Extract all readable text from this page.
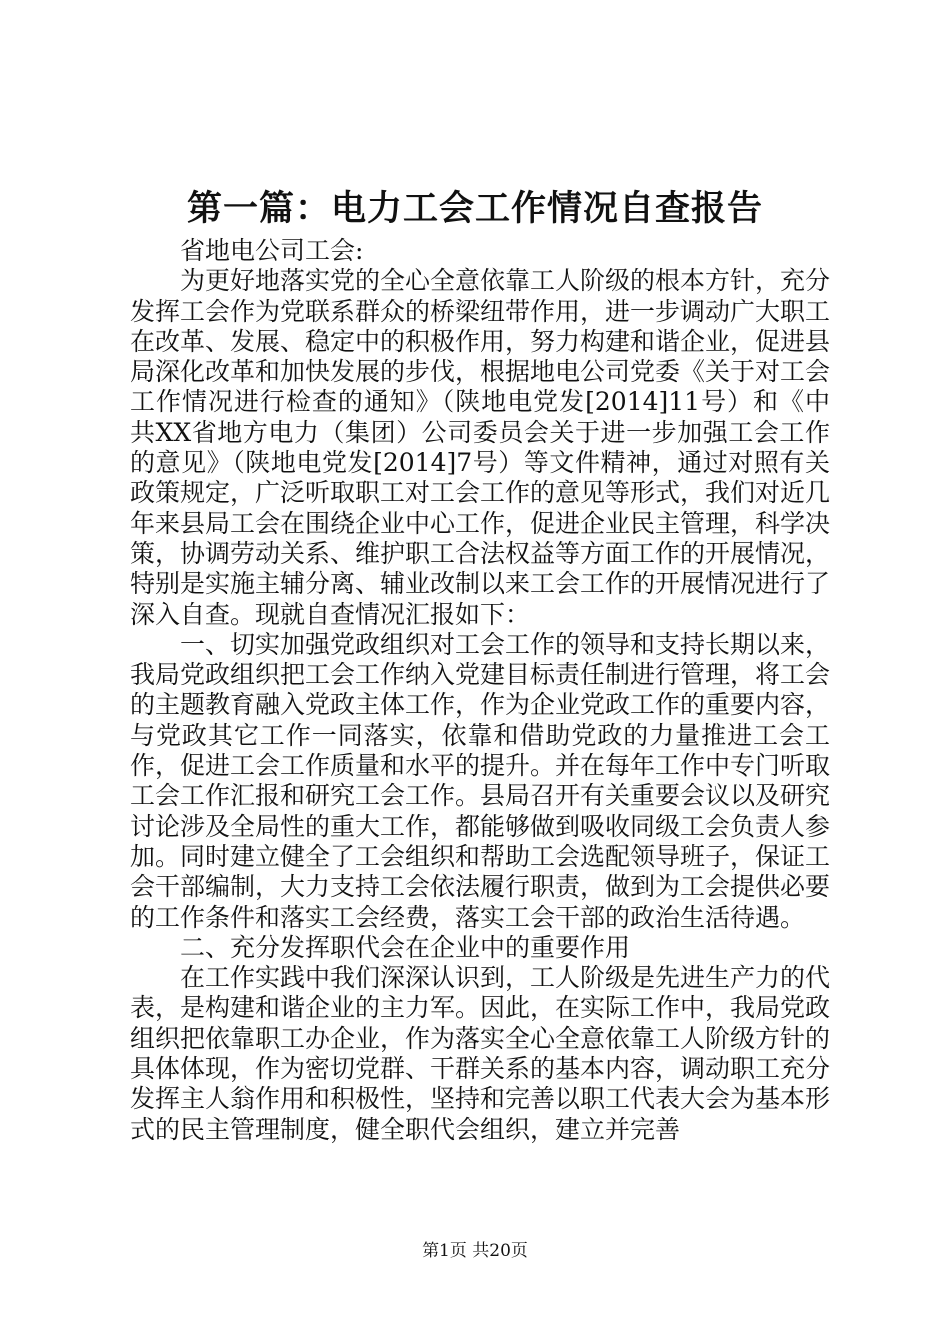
第一篇：电力工会工作情况自查报告

省地电公司工会:

为更好地落实党的全心全意依靠工人阶级的根本方针，充分发挥工会作为党联系群众的桥梁纽带作用，进一步调动广大职工在改革、发展、稳定中的积极作用，努力构建和谐企业，促进县局深化改革和加快发展的步伐，根据地电公司党委《关于对工会工作情况进行检查的通知》（陕地电党发[2014]11号）和《中共XX省地方电力（集团）公司委员会关于进一步加强工会工作的意见》（陕地电党发[2014]7号）等文件精神，通过对照有关政策规定，广泛听取职工对工会工作的意见等形式，我们对近几年来县局工会在围绕企业中心工作，促进企业民主管理，科学决策，协调劳动关系、维护职工合法权益等方面工作的开展情况，特别是实施主辅分离、辅业改制以来工会工作的开展情况进行了深入自查。现就自查情况汇报如下：

一、切实加强党政组织对工会工作的领导和支持长期以来，我局党政组织把工会工作纳入党建目标责任制进行管理，将工会的主题教育融入党政主体工作，作为企业党政工作的重要内容，与党政其它工作一同落实，依靠和借助党政的力量推进工会工作，促进工会工作质量和水平的提升。并在每年工作中专门听取工会工作汇报和研究工会工作。县局召开有关重要会议以及研究讨论涉及全局性的重大工作，都能够做到吸收同级工会负责人参加。同时建立健全了工会组织和帮助工会选配领导班子，保证工会干部编制，大力支持工会依法履行职责，做到为工会提供必要的工作条件和落实工会经费，落实工会干部的政治生活待遇。

二、充分发挥职代会在企业中的重要作用

在工作实践中我们深深认识到，工人阶级是先进生产力的代表，是构建和谐企业的主力军。因此，在实际工作中，我局党政组织把依靠职工办企业，作为落实全心全意依靠工人阶级方针的具体体现，作为密切党群、干群关系的基本内容，调动职工充分发挥主人翁作用和积极性，坚持和完善以职工代表大会为基本形式的民主管理制度，健全职代会组织，建立并完善

第1页 共20页
